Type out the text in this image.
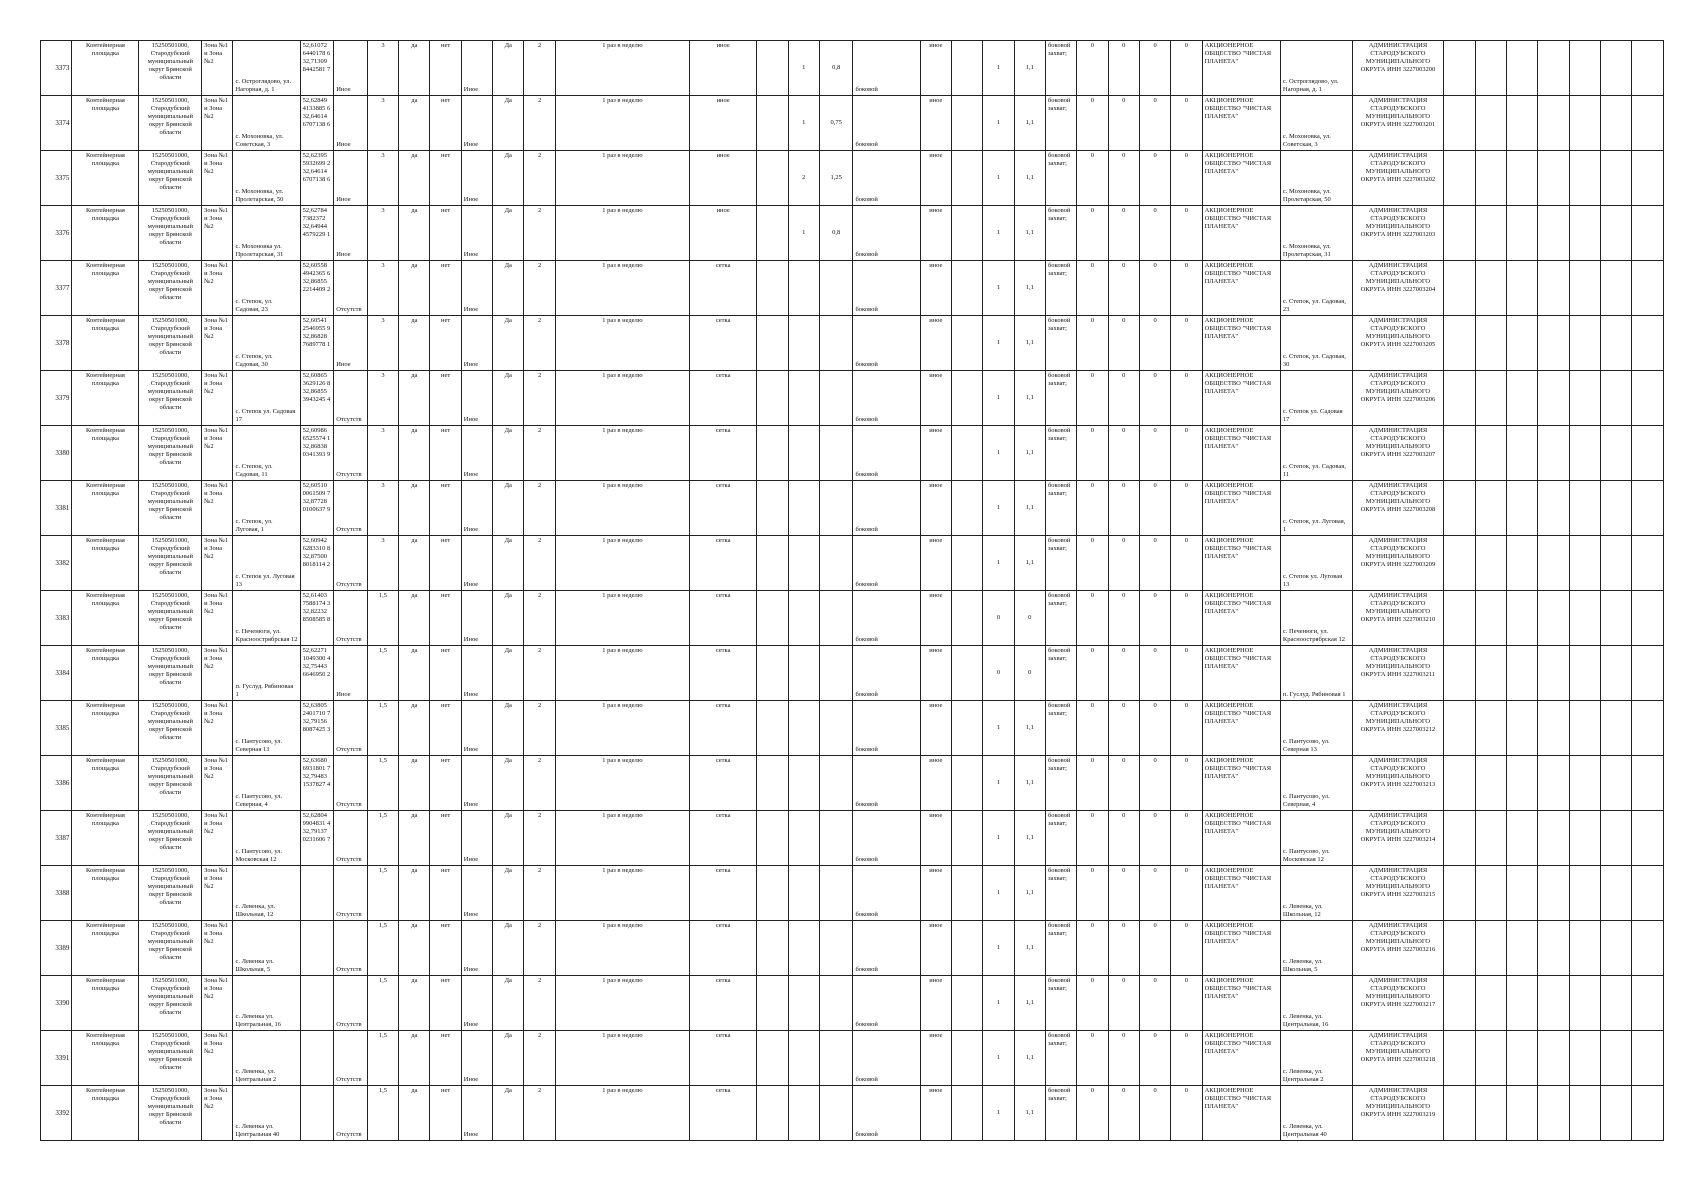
3373	Контейнерная площадка	15250501000, Стародубский муниципальный округ Брянской области	Зона №1 и Зона №2	с. Остроглядово, ул. Нагорная, д. 1	52,61072 6440178 6 32,71309 8442581 7	Иное	3	да	нет	Иное	Да	2	1 раз в неделю	иное		1	0,8	боковой	иное		1	1,1	боковой захват;	0	0	0	0	АКЦИОНЕРНОЕ ОБЩЕСТВО "ЧИСТАЯ ПЛАНЕТА"	с. Остроглядово, ул. Нагорная, д. 1	АДМИНИСТРАЦИЯ СТАРОДУБСКОГО МУНИЦИПАЛЬНОГО ОКРУГА ИНН 3227003200							
3374	Контейнерная площадка	15250501000, Стародубский муниципальный округ Брянской области	Зона №1 и Зона №2	с. Мохоновка, ул. Советская, 3	52,62849 4133885 6 32,64614 6707138 6	Иное	3	да	нет	Иное	Да	2	1 раз в неделю	иное		1	0,75	боковой	иное		1	1,1	боковой захват;	0	0	0	0	АКЦИОНЕРНОЕ ОБЩЕСТВО "ЧИСТАЯ ПЛАНЕТА"	с. Мохоновка, ул. Советская, 3	АДМИНИСТРАЦИЯ СТАРОДУБСКОГО МУНИЦИПАЛЬНОГО ОКРУГА ИНН 3227003201							
3375	Контейнерная площадка	15250501000, Стародубский муниципальный округ Брянской области	Зона №1 и Зона №2	с. Мохоновка, ул. Пролетарская, 50	52,62395 5932699 2 32,64614 6707138 6	Иное	3	да	нет	Иное	Да	2	1 раз в неделю	иное		2	1,25	боковой	иное		1	1,1	боковой захват;	0	0	0	0	АКЦИОНЕРНОЕ ОБЩЕСТВО "ЧИСТАЯ ПЛАНЕТА"	с. Мохоновка, ул. Пролетарская, 50	АДМИНИСТРАЦИЯ СТАРОДУБСКОГО МУНИЦИПАЛЬНОГО ОКРУГА ИНН 3227003202							
3376	Контейнерная площадка	15250501000, Стародубский муниципальный округ Брянской области	Зона №1 и Зона №2	с. Мохоновка ул. Пролетарская, 31	52,62784 7382372 32,64944 4579229 1	Иное	3	да	нет	Иное	Да	2	1 раз в неделю	иное		1	0,8	боковой	иное		1	1,1	боковой захват;	0	0	0	0	АКЦИОНЕРНОЕ ОБЩЕСТВО "ЧИСТАЯ ПЛАНЕТА"	с. Мохоновка, ул. Пролетарская, 31	АДМИНИСТРАЦИЯ СТАРОДУБСКОГО МУНИЦИПАЛЬНОГО ОКРУГА ИНН 3227003203							
3377	Контейнерная площадка	15250501000, Стародубский муниципальный округ Брянской области	Зона №1 и Зона №2	с. Степок, ул. Садовая, 23	52,60558 4942365 6 32,86855 2214409 2	Отсутств	3	да	нет	Иное	Да	2	1 раз в неделю	сетка				боковой	иное		1	1,1	боковой захват;	0	0	0	0	АКЦИОНЕРНОЕ ОБЩЕСТВО "ЧИСТАЯ ПЛАНЕТА"	с. Степок, ул. Садовая, 23	АДМИНИСТРАЦИЯ СТАРОДУБСКОГО МУНИЦИПАЛЬНОГО ОКРУГА ИНН 3227003204							
3378	Контейнерная площадка	15250501000, Стародубский муниципальный округ Брянской области	Зона №1 и Зона №2	с. Степок, ул. Садовая, 30	52,60541 2546955 9 32,86828 7689778 1	Иное	3	да	нет	Иное	Да	2	1 раз в неделю	сетка				боковой	иное		1	1,1	боковой захват;	0	0	0	0	АКЦИОНЕРНОЕ ОБЩЕСТВО "ЧИСТАЯ ПЛАНЕТА"	с. Степок, ул. Садовая, 30	АДМИНИСТРАЦИЯ СТАРОДУБСКОГО МУНИЦИПАЛЬНОГО ОКРУГА ИНН 3227003205							
3379	Контейнерная площадка	15250501000, Стародубский муниципальный округ Брянской области	Зона №1 и Зона №2	с. Степок ул. Садовая 17	52,60865 3629126 8 32,86855 3943245 4	Отсутств	3	да	нет	Иное	Да	2	1 раз в неделю	сетка				боковой	иное		1	1,1	боковой захват;	0	0	0	0	АКЦИОНЕРНОЕ ОБЩЕСТВО "ЧИСТАЯ ПЛАНЕТА"	с. Степок ул. Садовая 17	АДМИНИСТРАЦИЯ СТАРОДУБСКОГО МУНИЦИПАЛЬНОГО ОКРУГА ИНН 3227003206							
3380	Контейнерная площадка	15250501000, Стародубский муниципальный округ Брянской области	Зона №1 и Зона №2	с. Степок, ул. Садовая, 11	52,60986 6525574 1 32,86838 0341393 9	Отсутств	3	да	нет	Иное	Да	2	1 раз в неделю	сетка				боковой	иное		1	1,1	боковой захват;	0	0	0	0	АКЦИОНЕРНОЕ ОБЩЕСТВО "ЧИСТАЯ ПЛАНЕТА"	с. Степок, ул. Садовая, 11	АДМИНИСТРАЦИЯ СТАРОДУБСКОГО МУНИЦИПАЛЬНОГО ОКРУГА ИНН 3227003207							
3381	Контейнерная площадка	15250501000, Стародубский муниципальный округ Брянской области	Зона №1 и Зона №2	с. Степок, ул. Луговая, 1	52,60510 0061509 7 32,87728 0100637 9	Отсутств	3	да	нет	Иное	Да	2	1 раз в неделю	сетка				боковой	иное		1	1,1	боковой захват;	0	0	0	0	АКЦИОНЕРНОЕ ОБЩЕСТВО "ЧИСТАЯ ПЛАНЕТА"	с. Степок, ул. Луговая, 1	АДМИНИСТРАЦИЯ СТАРОДУБСКОГО МУНИЦИПАЛЬНОГО ОКРУГА ИНН 3227003208							
3382	Контейнерная площадка	15250501000, Стародубский муниципальный округ Брянской области	Зона №1 и Зона №2	с. Степок ул. Луговая 13	52,60942 6283310 8 32,87500 8018114 2	Отсутств	3	да	нет	Иное	Да	2	1 раз в неделю	сетка				боковой	иное		1	1,1	боковой захват;	0	0	0	0	АКЦИОНЕРНОЕ ОБЩЕСТВО "ЧИСТАЯ ПЛАНЕТА"	с. Степок ул. Луговая 13	АДМИНИСТРАЦИЯ СТАРОДУБСКОГО МУНИЦИПАЛЬНОГО ОКРУГА ИНН 3227003209							
3383	Контейнерная площадка	15250501000, Стародубский муниципальный округ Брянской области	Зона №1 и Зона №2	с. Печенюги, ул. Красноострябрская 12	52,61403 7588174 3 32,82232 8508585 8	Отсутств	1,5	да	нет	Иное	Да	2	1 раз в неделю	сетка				боковой	иное		0	0	боковой захват;	0	0	0	0	АКЦИОНЕРНОЕ ОБЩЕСТВО "ЧИСТАЯ ПЛАНЕТА"	с. Печенюги, ул. Красноострябрская 12	АДМИНИСТРАЦИЯ СТАРОДУБСКОГО МУНИЦИПАЛЬНОГО ОКРУГА ИНН 3227003210							
3384	Контейнерная площадка	15250501000, Стародубский муниципальный округ Брянской области	Зона №1 и Зона №2	п. Гуслуд. Рябиновая 1	52,62271 1049300 4 32,75443 6646950 2	Иное	1,5	да	нет	Иное	Да	2	1 раз в неделю	сетка				боковой	иное		0	0	боковой захват;	0	0	0	0	АКЦИОНЕРНОЕ ОБЩЕСТВО "ЧИСТАЯ ПЛАНЕТА"	п. Гуслуд. Рябиновая 1	АДМИНИСТРАЦИЯ СТАРОДУБСКОГО МУНИЦИПАЛЬНОГО ОКРУГА ИНН 3227003211							
3385	Контейнерная площадка	15250501000, Стародубский муниципальный округ Брянской области	Зона №1 и Зона №2	с. Пантусово, ул. Северная 13	52,63805 2401710 7 32,79156 8087425 3	Отсутств	1,5	да	нет	Иное	Да	2	1 раз в неделю	сетка				боковой	иное		1	1,1	боковой захват;	0	0	0	0	АКЦИОНЕРНОЕ ОБЩЕСТВО "ЧИСТАЯ ПЛАНЕТА"	с. Пантусово, ул. Северная 13	АДМИНИСТРАЦИЯ СТАРОДУБСКОГО МУНИЦИПАЛЬНОГО ОКРУГА ИНН 3227003212							
3386	Контейнерная площадка	15250501000, Стародубский муниципальный округ Брянской области	Зона №1 и Зона №2	с. Пантусово, ул. Северная, 4	52,63680 6931801 7 32,79483 1537827 4	Отсутств	1,5	да	нет	Иное	Да	2	1 раз в неделю	сетка				боковой	иное		1	1,1	боковой захват;	0	0	0	0	АКЦИОНЕРНОЕ ОБЩЕСТВО "ЧИСТАЯ ПЛАНЕТА"	с. Пантусово, ул. Северная, 4	АДМИНИСТРАЦИЯ СТАРОДУБСКОГО МУНИЦИПАЛЬНОГО ОКРУГА ИНН 3227003213							
3387	Контейнерная площадка	15250501000, Стародубский муниципальный округ Брянской области	Зона №1 и Зона №2	с. Пантусово, ул. Московская 12	52,62804 9904831 4 32,79137 0231606 7	Отсутств	1,5	да	нет	Иное	Да	2	1 раз в неделю	сетка				боковой	иное		1	1,1	боковой захват;	0	0	0	0	АКЦИОНЕРНОЕ ОБЩЕСТВО "ЧИСТАЯ ПЛАНЕТА"	с. Пантусово, ул. Московская 12	АДМИНИСТРАЦИЯ СТАРОДУБСКОГО МУНИЦИПАЛЬНОГО ОКРУГА ИНН 3227003214							
3388	Контейнерная площадка	15250501000, Стародубский муниципальный округ Брянской области	Зона №1 и Зона №2	с. Левенка, ул. Школьная, 12		Отсутств	1,5	да	нет	Иное	Да	2	1 раз в неделю	сетка				боковой	иное		1	1,1	боковой захват;	0	0	0	0	АКЦИОНЕРНОЕ ОБЩЕСТВО "ЧИСТАЯ ПЛАНЕТА"	с. Левенка, ул. Школьная, 12	АДМИНИСТРАЦИЯ СТАРОДУБСКОГО МУНИЦИПАЛЬНОГО ОКРУГА ИНН 3227003215							
3389	Контейнерная площадка	15250501000, Стародубский муниципальный округ Брянской области	Зона №1 и Зона №2	с. Левенка ул. Школьная, 5		Отсутств	1,5	да	нет	Иное	Да	2	1 раз в неделю	сетка				боковой	иное		1	1,1	боковой захват;	0	0	0	0	АКЦИОНЕРНОЕ ОБЩЕСТВО "ЧИСТАЯ ПЛАНЕТА"	с. Левенка, ул. Школьная, 5	АДМИНИСТРАЦИЯ СТАРОДУБСКОГО МУНИЦИПАЛЬНОГО ОКРУГА ИНН 3227003216							
3390	Контейнерная площадка	15250501000, Стародубский муниципальный округ Брянской области	Зона №1 и Зона №2	с. Левенка ул. Центральная, 16		Отсутств	1,5	да	нет	Иное	Да	2	1 раз в неделю	сетка				боковой	иное		1	1,1	боковой захват;	0	0	0	0	АКЦИОНЕРНОЕ ОБЩЕСТВО "ЧИСТАЯ ПЛАНЕТА"	с. Левенка, ул. Центральная, 16	АДМИНИСТРАЦИЯ СТАРОДУБСКОГО МУНИЦИПАЛЬНОГО ОКРУГА ИНН 3227003217							
3391	Контейнерная площадка	15250501000, Стародубский муниципальный округ Брянской области	Зона №1 и Зона №2	с. Левенка, ул. Центральная 2		Отсутств	1,5	да	нет	Иное	Да	2	1 раз в неделю	сетка				боковой	иное		1	1,1	боковой захват;	0	0	0	0	АКЦИОНЕРНОЕ ОБЩЕСТВО "ЧИСТАЯ ПЛАНЕТА"	с. Левенка, ул. Центральная 2	АДМИНИСТРАЦИЯ СТАРОДУБСКОГО МУНИЦИПАЛЬНОГО ОКРУГА ИНН 3227003218							
3392	Контейнерная площадка	15250501000, Стародубский муниципальный округ Брянской области	Зона №1 и Зона №2	с. Левенка ул. Центральная 40		Отсутств	1,5	да	нет	Иное	Да	2	1 раз в неделю	сетка				боковой	иное		1	1,1	боковой захват;	0	0	0	0	АКЦИОНЕРНОЕ ОБЩЕСТВО "ЧИСТАЯ ПЛАНЕТА"	с. Левенка, ул. Центральная 40	АДМИНИСТРАЦИЯ СТАРОДУБСКОГО МУНИЦИПАЛЬНОГО ОКРУГА ИНН 3227003219							
